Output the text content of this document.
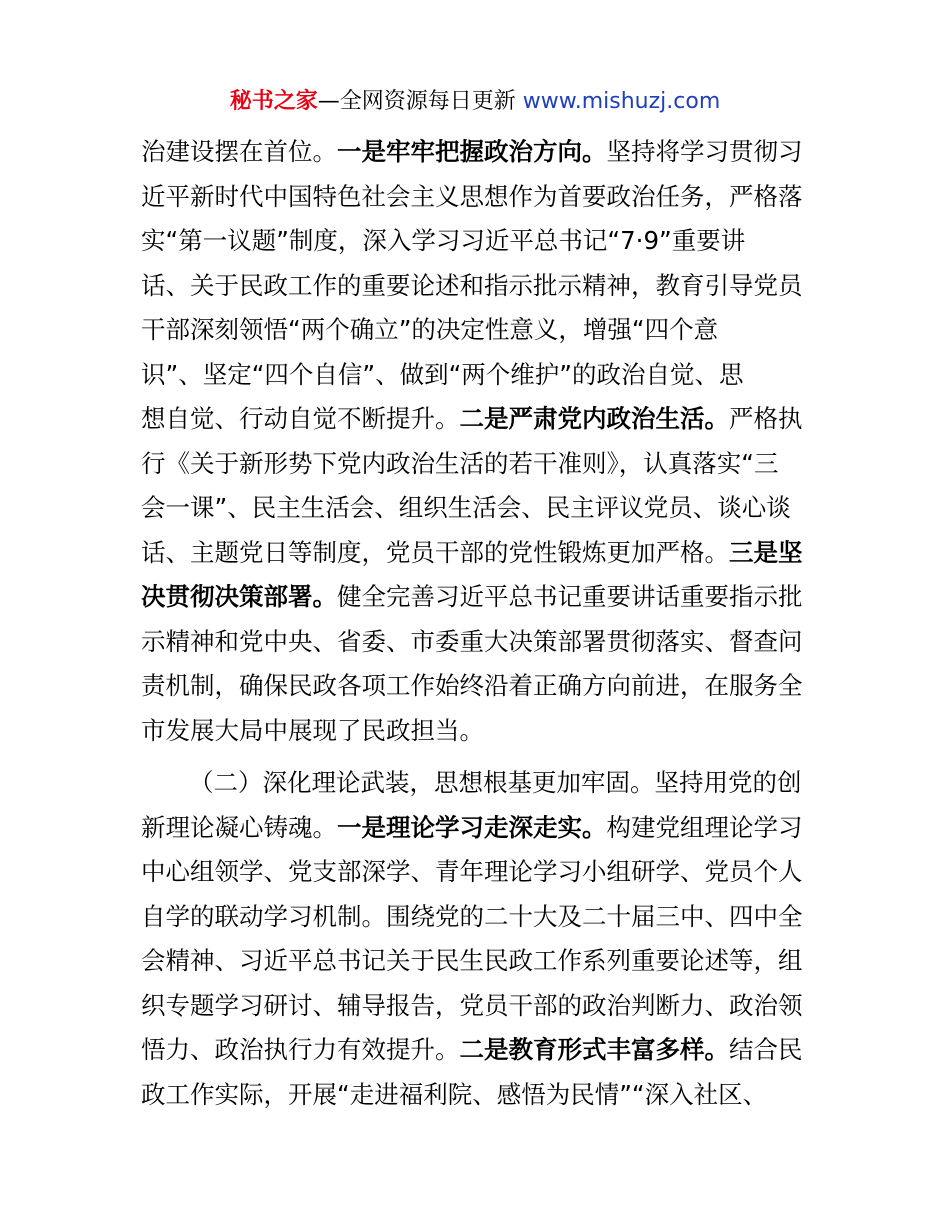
秘书之家—全网资源每日更新 www.mishuzj.com
治建设摆在首位。一是牢牢把握政治方向。坚持将学习贯彻习
近平新时代中国特色社会主义思想作为首要政治任务，严格落
实“第一议题”制度，深入学习习近平总书记“7·9”重要讲
话、关于民政工作的重要论述和指示批示精神，教育引导党员
干部深刻领悟“两个确立”的决定性意义，增强“四个意
识”、坚定“四个自信”、做到“两个维护”的政治自觉、思
想自觉、行动自觉不断提升。二是严肃党内政治生活。严格执
行《关于新形势下党内政治生活的若干准则》，认真落实“三
会一课”、民主生活会、组织生活会、民主评议党员、谈心谈
话、主题党日等制度，党员干部的党性锻炼更加严格。三是坚
决贯彻决策部署。健全完善习近平总书记重要讲话重要指示批
示精神和党中央、省委、市委重大决策部署贯彻落实、督查问
责机制，确保民政各项工作始终沿着正确方向前进，在服务全
市发展大局中展现了民政担当。
（二）深化理论武装，思想根基更加牢固。坚持用党的创
新理论凝心铸魂。一是理论学习走深走实。构建党组理论学习
中心组领学、党支部深学、青年理论学习小组研学、党员个人
自学的联动学习机制。围绕党的二十大及二十届三中、四中全
会精神、习近平总书记关于民生民政工作系列重要论述等，组
织专题学习研讨、辅导报告，党员干部的政治判断力、政治领
悟力、政治执行力有效提升。二是教育形式丰富多样。结合民
政工作实际，开展“走进福利院、感悟为民情”“深入社区、
